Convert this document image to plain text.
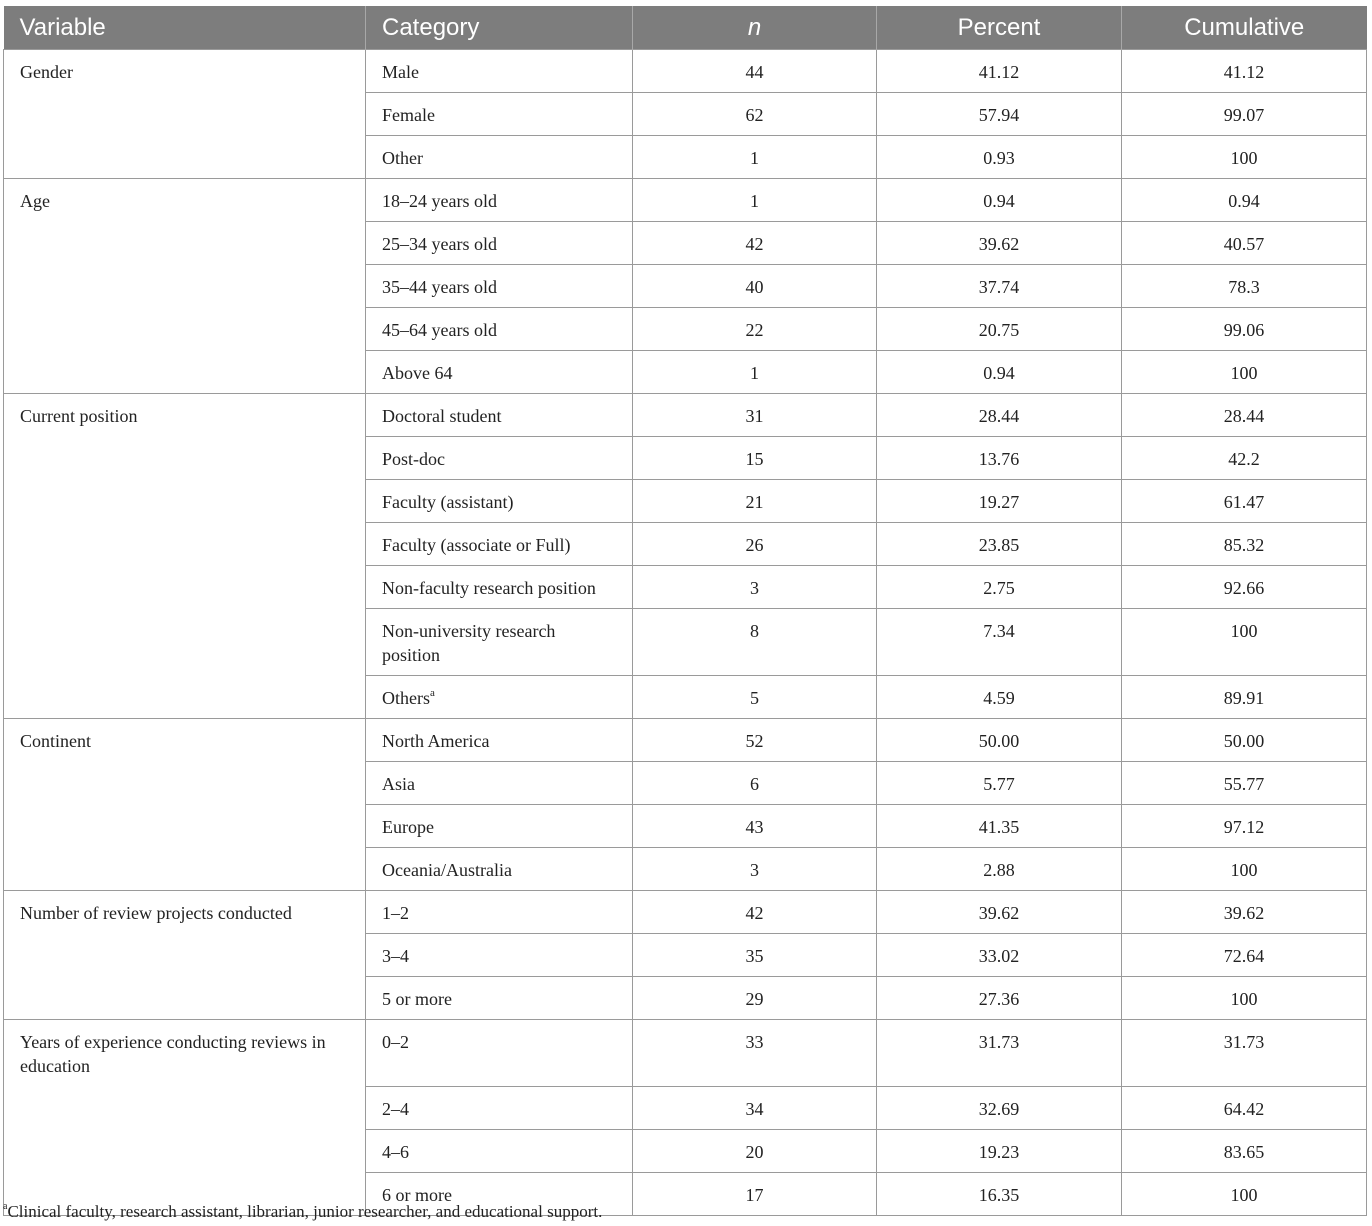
Variable	Category	n	Percent	Cumulative
Gender	Male	44	41.12	41.12
	Female	62	57.94	99.07
	Other	1	0.93	100
Age	18–24 years old	1	0.94	0.94
	25–34 years old	42	39.62	40.57
	35–44 years old	40	37.74	78.3
	45–64 years old	22	20.75	99.06
	Above 64	1	0.94	100
Current position	Doctoral student	31	28.44	28.44
	Post-doc	15	13.76	42.2
	Faculty (assistant)	21	19.27	61.47
	Faculty (associate or Full)	26	23.85	85.32
	Non-faculty research position	3	2.75	92.66
	Non-university research position	8	7.34	100
	Others$^a$	5	4.59	89.91
Continent	North America	52	50.00	50.00
	Asia	6	5.77	55.77
	Europe	43	41.35	97.12
	Oceania/Australia	3	2.88	100
Number of review projects conducted	1–2	42	39.62	39.62
	3–4	35	33.02	72.64
	5 or more	29	27.36	100
Years of experience conducting reviews in education	0–2	33	31.73	31.73
	2–4	34	32.69	64.42
	4–6	20	19.23	83.65
	6 or more	17	16.35	100
$^a$Clinical faculty, research assistant, librarian, junior researcher, and educational support.
